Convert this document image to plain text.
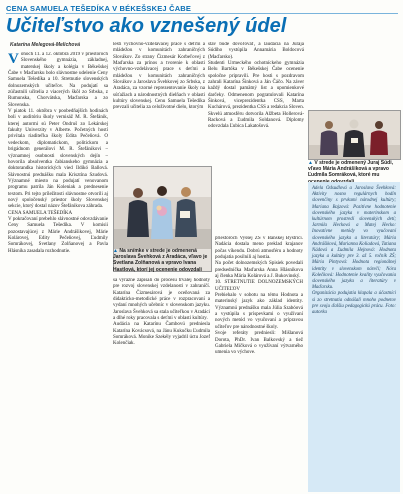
CENA SAMUELA TEŠEDÍKA V BÉKEŠSKEJ ČABE
Učiteľstvo ako vznešený údel
Katarína Melegová-Melichová
Vohoch 11. a 12. októbra 2019 v priestoroch Slovenského gymnázia, základnej, materskej školy a kolégia v Békešskej Čabe v Maďarsku bolo slávnostne udelenie Ceny Samuela Tešedíka a 10. Stretnutie slovenských dolnozemských učiteľov. Na podujatí sa zúčastnili učitelia z viacerých škôl zo Srbska, z Rumunska, Chorvátska, Maďarska a zo Slovenska.
V piatok 11. októbra v poobedňajších hodinách boli v auditóriu školy vernisáž M. R. Štefánik, kterej autormi sú Peter Ondruš zo Lekárskej fakulty Univerzity v Alberte. Početných hostí privítala riaditeľka školy Edita Pečeňová. O vedeckom, diplomatickom, politickom a brigádnom generálovi M. R. Štefánikovi – významnej osobnosti slovenských dejín – hovorila absolventka čabianskeho gymnázia a doktorandka historických vied Ildikó Ballová. Slávnostnú prednášku mala Krisztína Szudová. Významné miesto na podujatí venovanom programu patrila Ján Koleniak a prednesenie textom. Pri tejto príležitosti slávnostne otvorili aj nový spoločenský priestor školy Slovenskej sekcie, ktorý dostal názov Štefánikova záhrada.
CENA SAMUELA TEŠEDÍKA
V pokračovaní prebehlo slávnostné odovzdávanie Ceny Samuela Tešedíka. V komisii pozostavajúcej z Márie Andrášikovej, Márie Kolárovej, Edity Pečeňovej, Ľudmily Somrákovej, Svetlany Zolňanovej a Pavla Hlásnika zasadala rozhodnutie.
lesti výchovno-vzdelávacej práce s deťmi a mládežou v komunitách zahraničných Slovákov. Zo strany Čizmesár Korbeľovej z Maďarska za prínos a tvorenie k oblasti výchovno-vzdelávacej prace s deťmi a mládežou v komunitách zahraničných Slovákov a Jaroslava Švehkovej zo Srbska, z Aradáca, za vzorné reprezentovanie školy na súťažiach a národnostných dielňach v oblasti kultúry slovenskej. Cenu Samuela Tešedíka prevzali učitelia za celoživotné dielo, ktorým
stav bude dovoľovať, a laudácia na Juraja Súdiho vystúpila Annamária Boldocová (Maďarsko).
Studenti Urmeckého ochotníckeho gymnázia Belu Bartóka v Békešskej Čabe ocenenie spoločne pripravili. Pre hosti s pozdravom zahrali Katarína Šinková a Ján Čáčo. Na záver každý dostal pamätný list a upomienkové darčeky. Odmenenom pogratulovali Katarína Šinková, viceprezidentka CSS, Marta Kuchárová, prezidentka CSS a redakcia Sloven. Skvelú atmosféru dotvorila Alžbeta Hollerová-Racková a Ľudmila Soldanová. Diplomy odovzdala Ľubica Lakatošová.
▲ Na snímke v strede je odmenená Jaroslava Švehková z Aradáca, vľavo je Svetlana Zolňanová a vpravo Ivana Hastlová, ktorí jej ocenenie odovzdali
▲ V strede je odmenený Juraj Súdi, vľavo Mária Andrášiková a vpravo Ľudmila Somráková, ktoré mu
sa výrazne zapísali do procesu trvalej hodnoty pre rozvoj slovenskej vzdelanosti v zahraničí. Katarína Čizmesárová je oceňovaná za didakticko-metodické práce v rozpracovaní a vydaní mnohých učebníc v slovenskom jazyku. Jaroslava Švehková sa stala učiteľkou v Aradáci a dlhé roky pracovala s deťmi v oblasti kultúry.
Audácia na Katarínu Čambovú predniesla Katarína Kovácsová, na Jánu Kukučku Ľudmila Somráková. Monike Szekély vyjadril úctu Jozef Kolenčiak.
priestoroch Vyššej ZŠ v Banskej Bystrici. Nadácia dostala meno preklad krajanov počas víkendu. Dobrú atmosféru a hodnoty podujatia posilnili aj hostia.
Na počet dolnozemských Spisiek povedali predsedníčka Maďarska Anna Hlásnikova aj členka Mária Kolárová a J. Bukovinský.
10. STRETNUTIE DOLNOZEMSKÝCH UČITEĽOV
Prebiehalo v sobotu na tému Hodnota a materinský jazyk ako základ identity. Významnú prednášku mala Júlia Szabóová a vystúpila s príspevkami o využívaní nových metód vo vyučovaní a prípravou učiteľov pre národnostné školy.
Svoje referáty predniesli: Mišlanová Dorota, PhDr. Ivan Balkovský a tiež Gabriela Mičková o využívaní výtvarného umenia vo výchove.
Adela Odsudlová a Jaroslava Švehková: Aktivity nosno regulárnych hodín slovenčiny s prvkami národnej kultúry; Mariana Bajzová: Pozitívne hodnotenie slovenského jazyka v materinskom a kultúrnom prostredí slovenských detí; Jarmila Hecková a Matej Hecko: Inovatívne metódy vo vyučovaní slovenského jazyka a literatúry; Mária Andrášiková, Marianna Koliadová, Tatiana Nádová a Ľudmila Hejnová: Hodnota jazyka a kultúry pre 3. až 5. ročník ZŠ; Mária Pintyová: Hodnota regionálnej identity v slovenskom nárečí; Nóra Kolečková: Hodnotenie kvality vyučovania slovenského jazyka a literatúry v Maďarsku.
Organizácia podujatia klapala a účastníci si zo stretnutia odnášali mnoho podnetov pre svoju ďalšiu pedagogickú prácu. Foto: autorka
